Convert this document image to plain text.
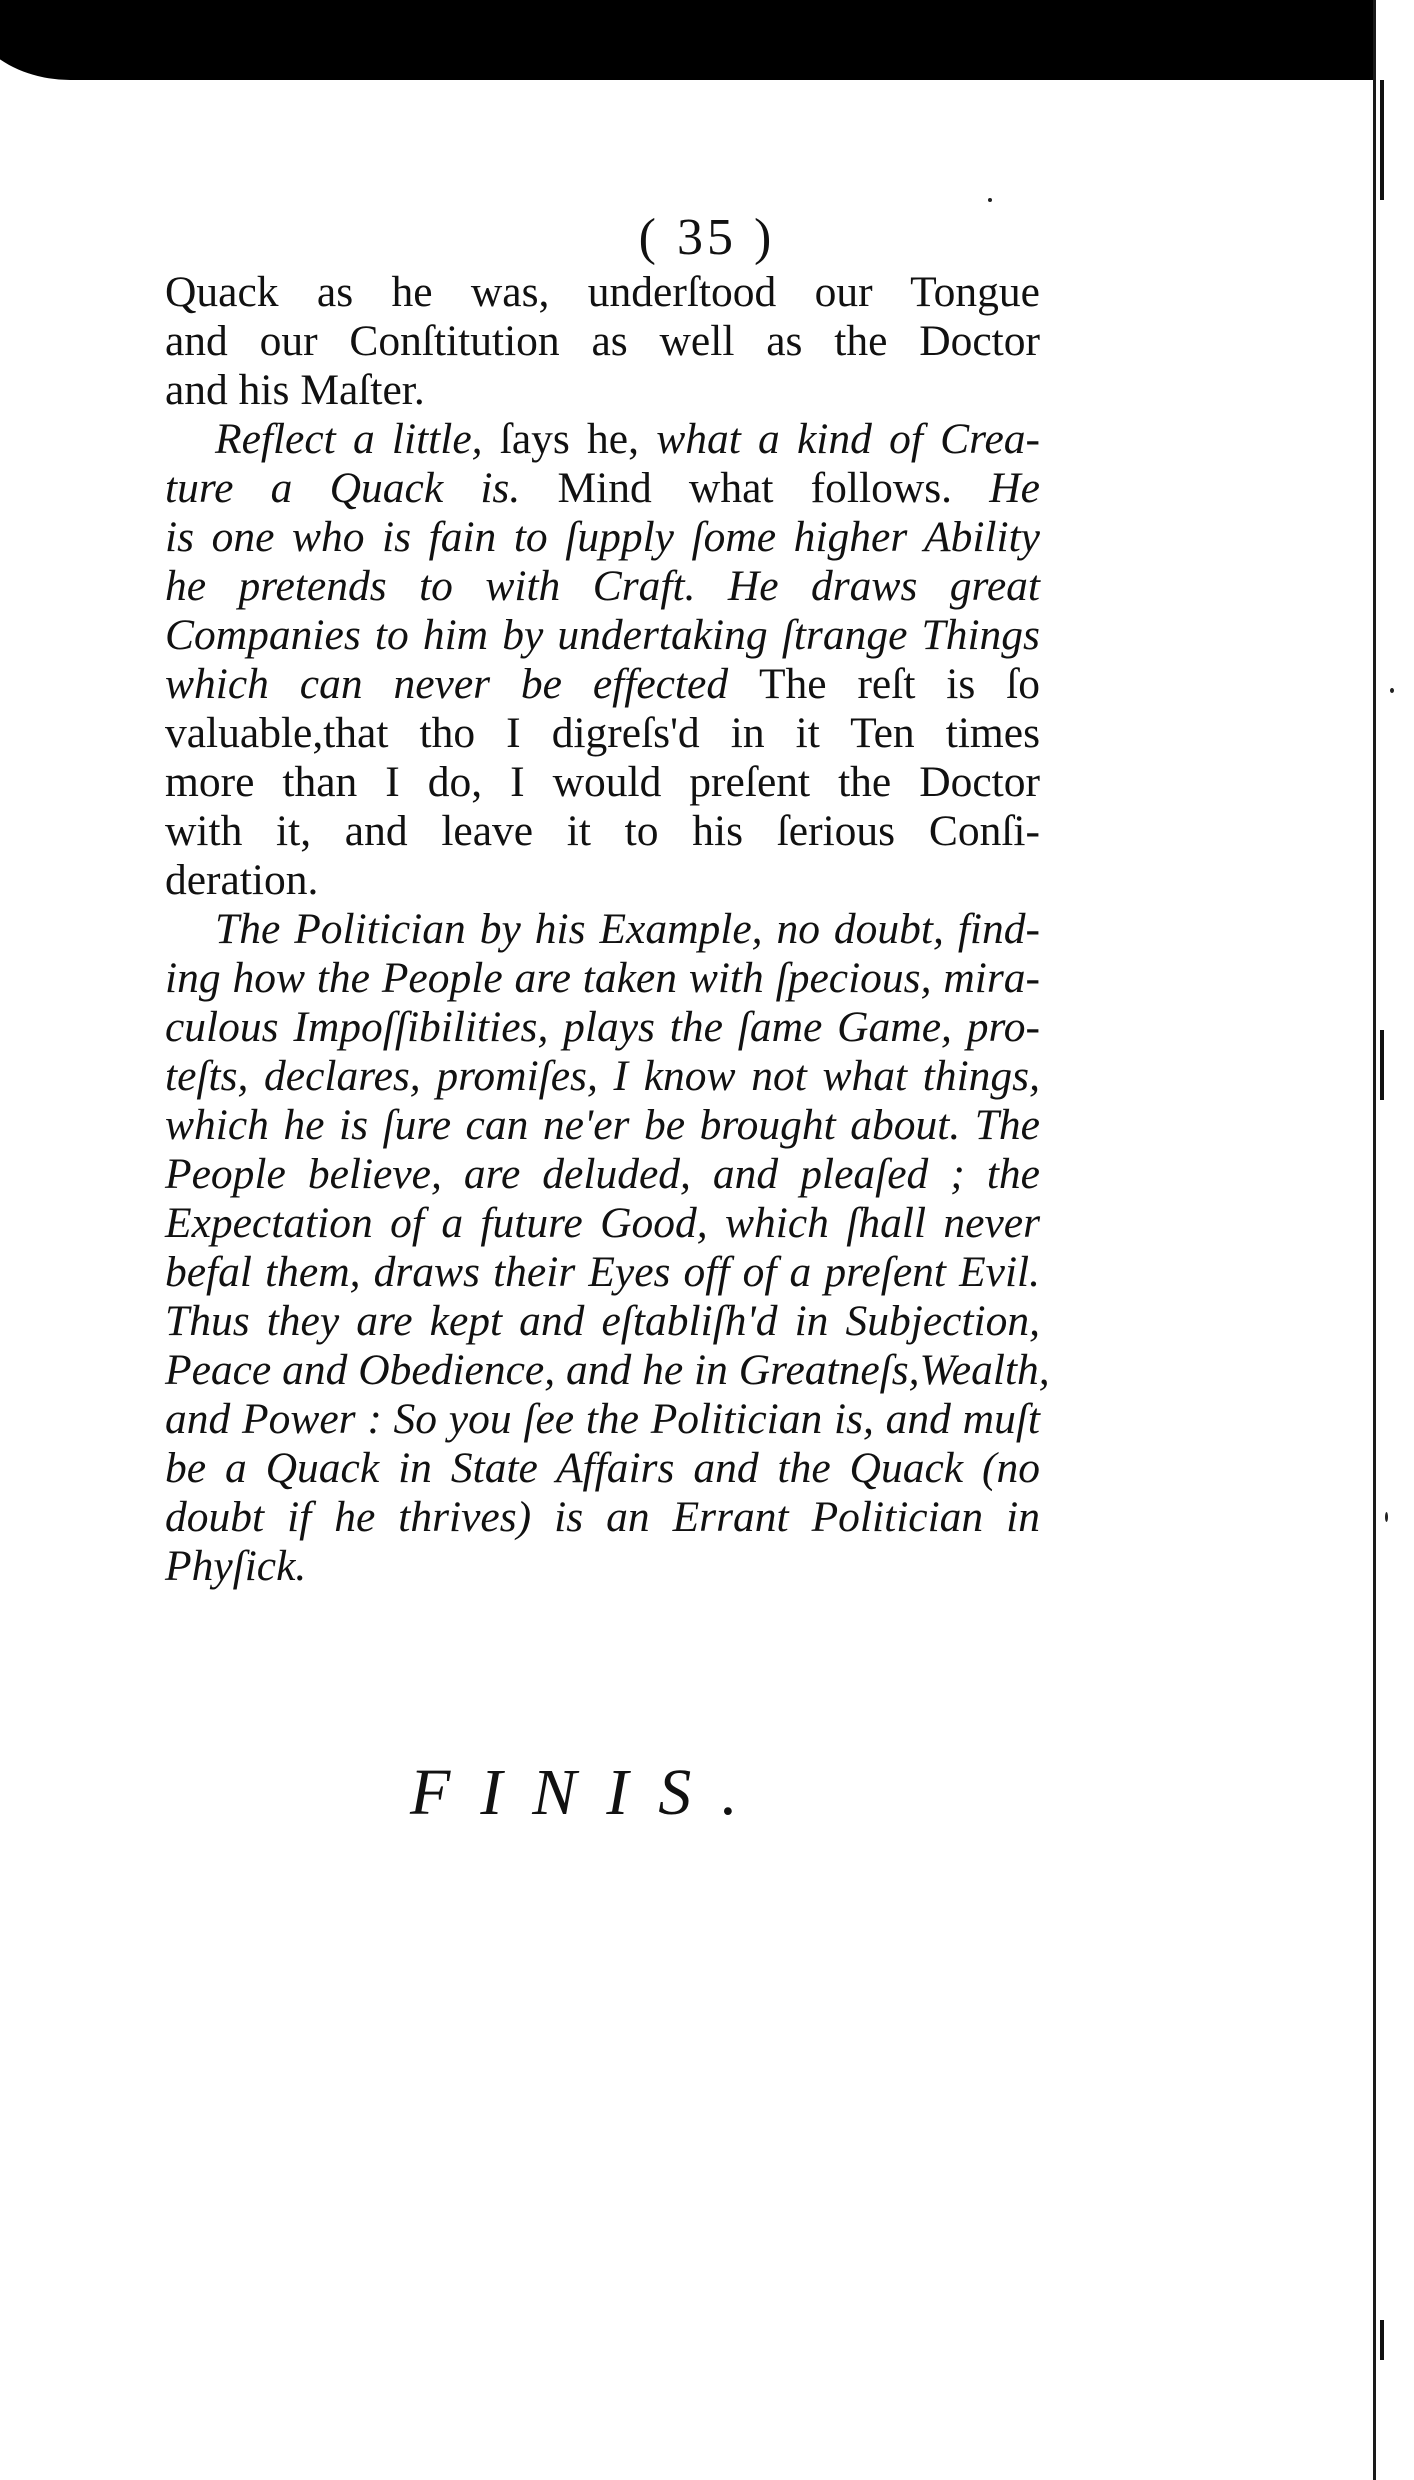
( 35 )
Quack as he was, underſtood our Tongue
and our Conſtitution as well as the Doctor
and his Maſter.
Reflect a little, ſays he, what a kind of Crea-
ture a Quack is. Mind what follows. He
is one who is fain to ſupply ſome higher Ability
he pretends to with Craft. He draws great
Companies to him by undertaking ſtrange Things
which can never be effected The reſt is ſo
valuable,that tho I digreſs'd in it Ten times
more than I do, I would preſent the Doctor
with it, and leave it to his ſerious Conſi-
deration.
The Politician by his Example, no doubt, find-
ing how the People are taken with ſpecious, mira-
culous Impoſſibilities, plays the ſame Game, pro-
teſts, declares, promiſes, I know not what things,
which he is ſure can ne'er be brought about. The
People believe, are deluded, and pleaſed ; the
Expectation of a future Good, which ſhall never
befal them, draws their Eyes off of a preſent Evil.
Thus they are kept and eſtabliſh'd in Subjection,
Peace and Obedience, and he in Greatneſs,Wealth,
and Power : So you ſee the Politician is, and muſt
be a Quack in State Affairs and the Quack (no
doubt if he thrives) is an Errant Politician in
Phyſick.
FINIS.
